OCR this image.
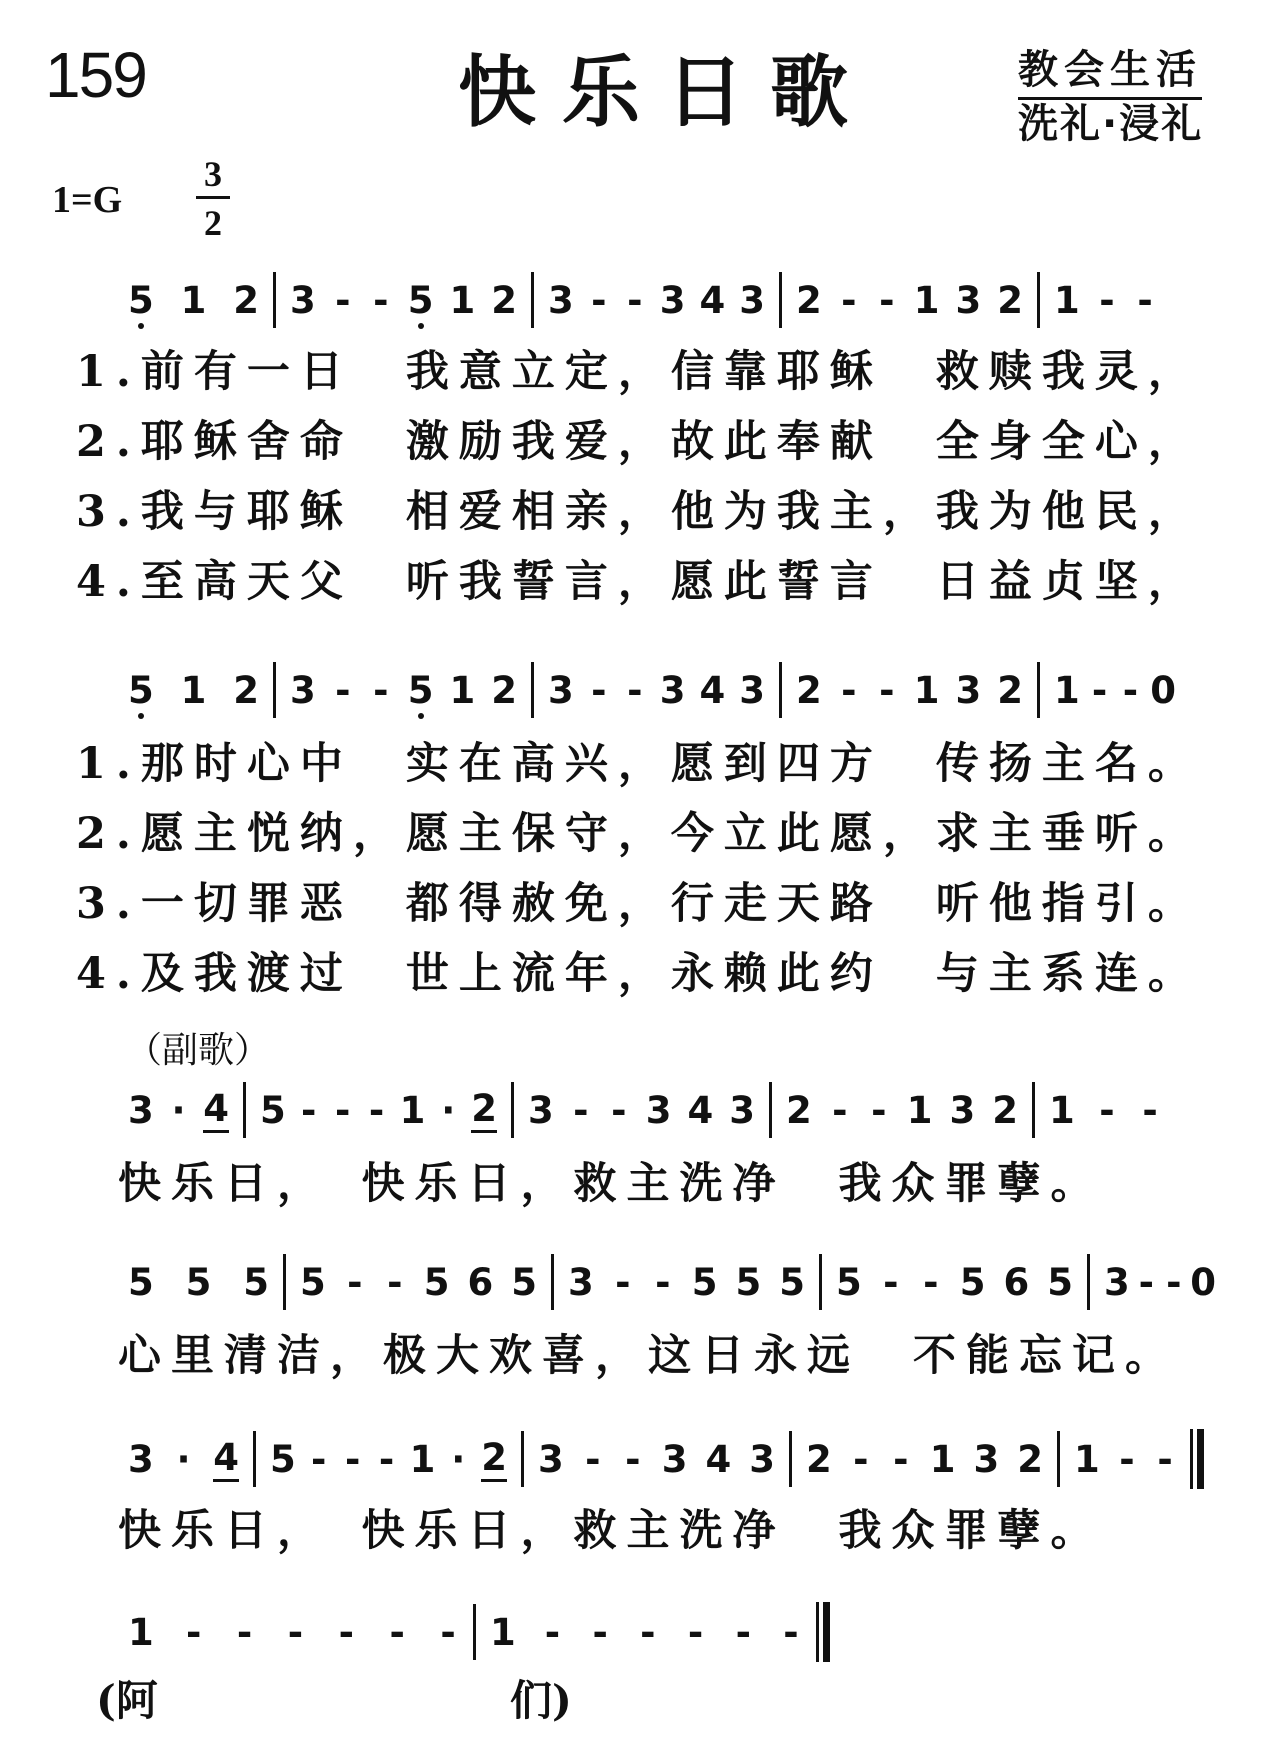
159	快乐日歌	教会生活
洗礼·浸礼
$1=G \frac{3}{2}$
5 1 2 3 - - 5 1 2 3 - - 3 4 3 2 - - 1 3 2 1 - -
1.前有一日　我意立定，信靠耶稣　救赎我灵，
2.耶稣舍命　激励我爱，故此奉献　全身全心，
3.我与耶稣　相爱相亲，他为我主，我为他民，
4.至高天父　听我誓言，愿此誓言　日益贞坚，
5 1 2 3 - - 5 1 2 3 - - 3 4 3 2 - - 1 3 2 1 - - 0
1.那时心中　实在高兴，愿到四方　传扬主名。
2.愿主悦纳，愿主保守，今立此愿，求主垂听。
3.一切罪恶　都得赦免，行走天路　听他指引。
4.及我渡过　世上流年，永赖此约　与主系连。
（副歌）
3 · 4 5 - - - 1 · 2 3 - - 3 4 3 2 - - 1 3 2 1 - -
快乐日，　快乐日，救主洗净　我众罪孽。
5 5 5 5 - - 5 6 5 3 - - 5 5 5 5 - - 5 6 5 3 - - 0
心里清洁，极大欢喜，这日永远　不能忘记。
3 · 4 5 - - - 1 · 2 3 - - 3 4 3 2 - - 1 3 2 1 - -
快乐日，　快乐日，救主洗净　我众罪孽。
1 - - - - - - 1 - - - - - -
(阿	们)
